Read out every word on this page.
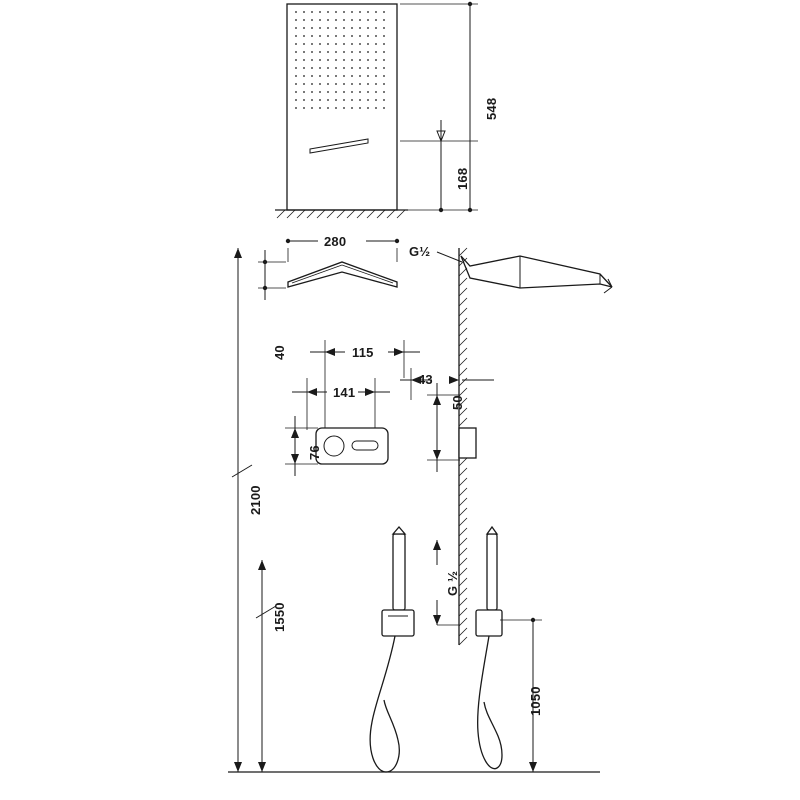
548
168
280
40	115
141
43
50
76
2100
1550
1050
G½
G ½
